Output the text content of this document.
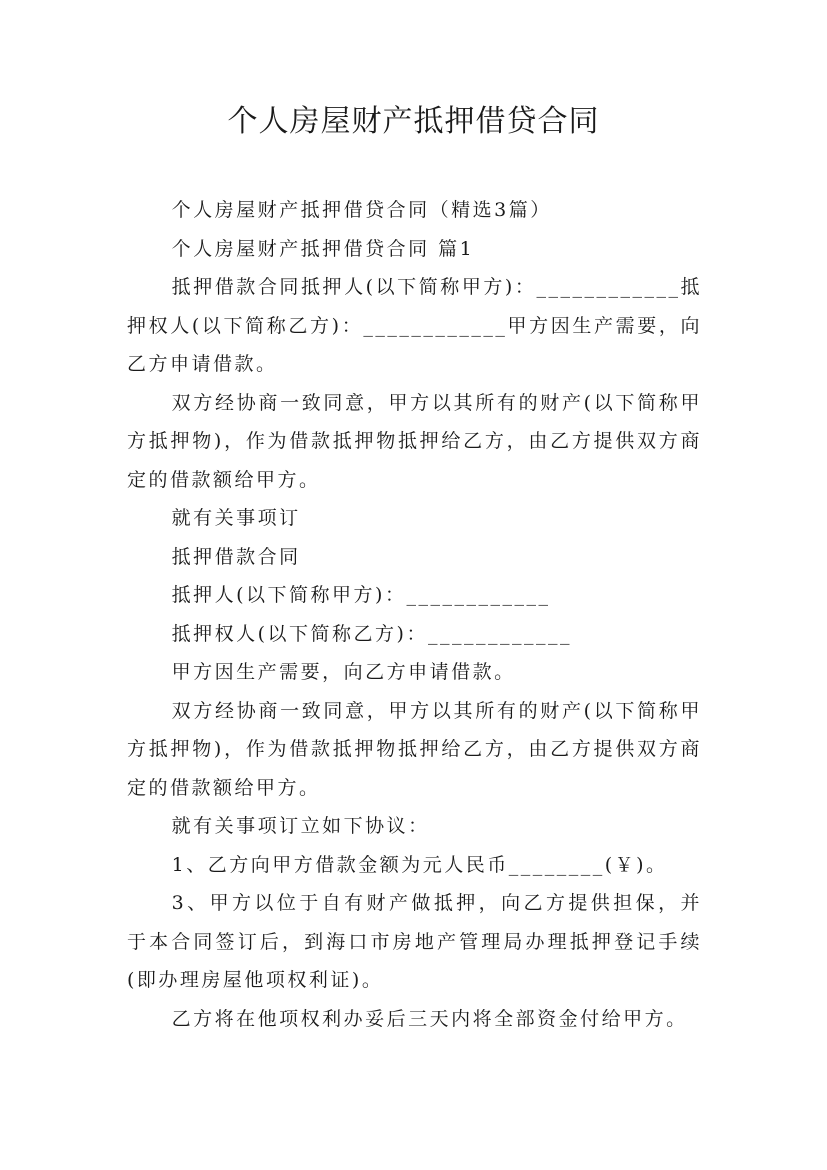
个人房屋财产抵押借贷合同

个人房屋财产抵押借贷合同（精选3篇）

个人房屋财产抵押借贷合同 篇1

抵押借款合同抵押人(以下简称甲方)：____________抵押权人(以下简称乙方)：____________甲方因生产需要，向乙方申请借款。

双方经协商一致同意，甲方以其所有的财产(以下简称甲方抵押物)，作为借款抵押物抵押给乙方，由乙方提供双方商定的借款额给甲方。

就有关事项订

抵押借款合同

抵押人(以下简称甲方)：____________

抵押权人(以下简称乙方)：____________

甲方因生产需要，向乙方申请借款。

双方经协商一致同意，甲方以其所有的财产(以下简称甲方抵押物)，作为借款抵押物抵押给乙方，由乙方提供双方商定的借款额给甲方。

就有关事项订立如下协议：

1、乙方向甲方借款金额为元人民币________(￥)。

3、甲方以位于自有财产做抵押，向乙方提供担保，并于本合同签订后，到海口市房地产管理局办理抵押登记手续(即办理房屋他项权利证)。

乙方将在他项权利办妥后三天内将全部资金付给甲方。
